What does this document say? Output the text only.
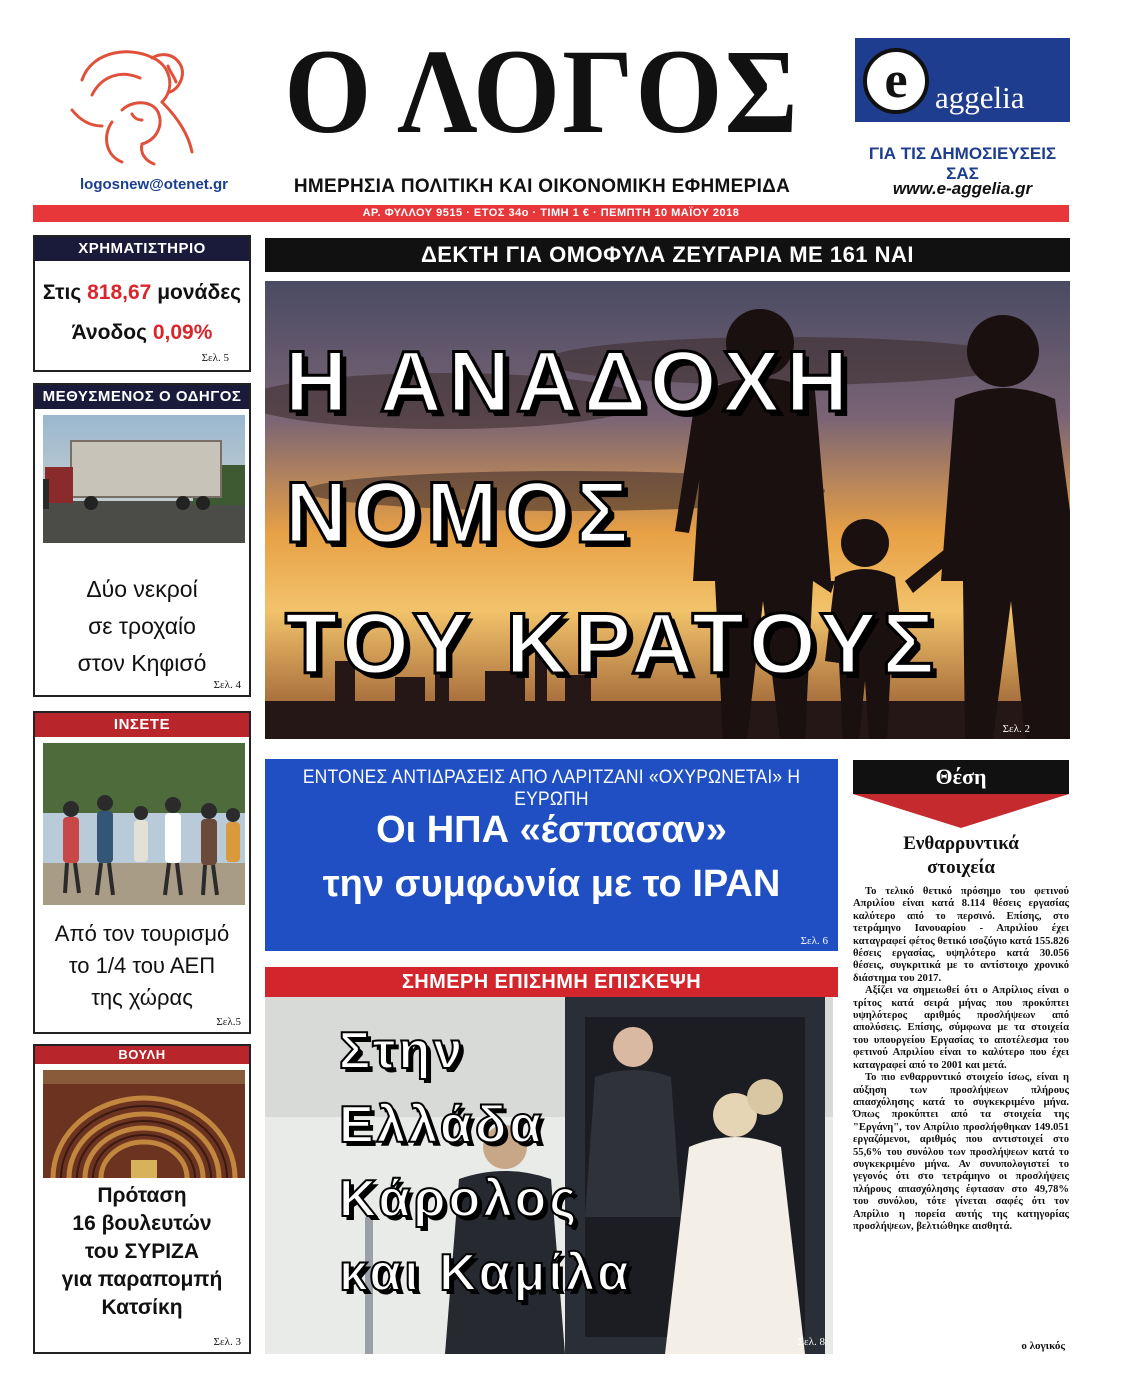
logosnew@otenet.gr
Ο ΛΟΓΟΣ
ΗΜΕΡΗΣΙΑ ΠΟΛΙΤΙΚΗ ΚΑΙ ΟΙΚΟΝΟΜΙΚΗ ΕΦΗΜΕΡΙΔΑ
e aggelia
ΓΙΑ ΤΙΣ ΔΗΜΟΣΙΕΥΣΕΙΣ ΣΑΣ
www.e-aggelia.gr
ΑΡ. ΦΥΛΛΟΥ 9515 · ΕΤΟΣ 34ο · ΤΙΜΗ 1 € · ΠΕΜΠΤΗ 10 ΜΑΪΟΥ 2018
ΧΡΗΜΑΤΙΣΤΗΡΙΟ
Στις 818,67 μονάδες
Άνοδος 0,09%
Σελ. 5
ΜΕΘΥΣΜΕΝΟΣ Ο ΟΔΗΓΟΣ
Δύο νεκροί
σε τροχαίο
στον Κηφισό
Σελ. 4
ΙΝΣΕΤΕ
Από τον τουρισμό
το 1/4 του ΑΕΠ
της χώρας
Σελ.5
ΒΟΥΛΗ
Πρόταση
16 βουλευτών
του ΣΥΡΙΖΑ
για παραπομπή
Κατσίκη
Σελ. 3
ΔΕΚΤΗ ΓΙΑ ΟΜΟΦΥΛΑ ΖΕΥΓΑΡΙΑ ΜΕ 161 ΝΑΙ
Η ΑΝΑΔΟΧΗ
ΝΟΜΟΣ
ΤΟΥ ΚΡΑΤΟΥΣ
Σελ. 2
ΕΝΤΟΝΕΣ ΑΝΤΙΔΡΑΣΕΙΣ ΑΠΟ ΛΑΡΙΤΖΑΝΙ «ΟΧΥΡΩΝΕΤΑΙ» Η ΕΥΡΩΠΗ
Οι ΗΠΑ «έσπασαν»
την συμφωνία με το ΙΡΑΝ
Σελ. 6
Θέση
Ενθαρρυντικά
στοιχεία

Το τελικό θετικό πρόσημο του φετινού Απριλίου είναι κατά 8.114 θέσεις εργασίας καλύτερο από το περσινό. Επίσης, στο τετράμηνο Ιανουαρίου - Απριλίου έχει καταγραφεί φέτος θετικό ισοζύγιο κατά 155.826 θέσεις εργασίας, υψηλότερο κατά 30.056 θέσεις, συγκριτικά με το αντίστοιχο χρονικό διάστημα του 2017.

Αξίζει να σημειωθεί ότι ο Απρίλιος είναι ο τρίτος κατά σειρά μήνας που προκύπτει υψηλότερος αριθμός προσλήψεων από απολύσεις. Επίσης, σύμφωνα με τα στοιχεία του υπουργείου Εργασίας το αποτέλεσμα του φετινού Απριλίου είναι το καλύτερο που έχει καταγραφεί από το 2001 και μετά.

Το πιο ενθαρρυντικό στοιχείο ίσως, είναι η αύξηση των προσλήψεων πλήρους απασχόλησης κατά το συγκεκριμένο μήνα. Όπως προκύπτει από τα στοιχεία της "Εργάνη", τον Απρίλιο προσλήφθηκαν 149.051 εργαζόμενοι, αριθμός που αντιστοιχεί στο 55,6% του συνόλου των προσλήψεων κατά το συγκεκριμένο μήνα. Αν συνυπολογιστεί το γεγονός ότι στο τετράμηνο οι προσλήψεις πλήρους απασχόλησης έφτασαν στο 49,78% του συνόλου, τότε γίνεται σαφές ότι τον Απρίλιο η πορεία αυτής της κατηγορίας προσλήψεων, βελτιώθηκε αισθητά.

ο λογικός
ΣΗΜΕΡΗ ΕΠΙΣΗΜΗ ΕΠΙΣΚΕΨΗ
Στην
Ελλάδα
Κάρολος
και Καμίλα
Σελ. 8
